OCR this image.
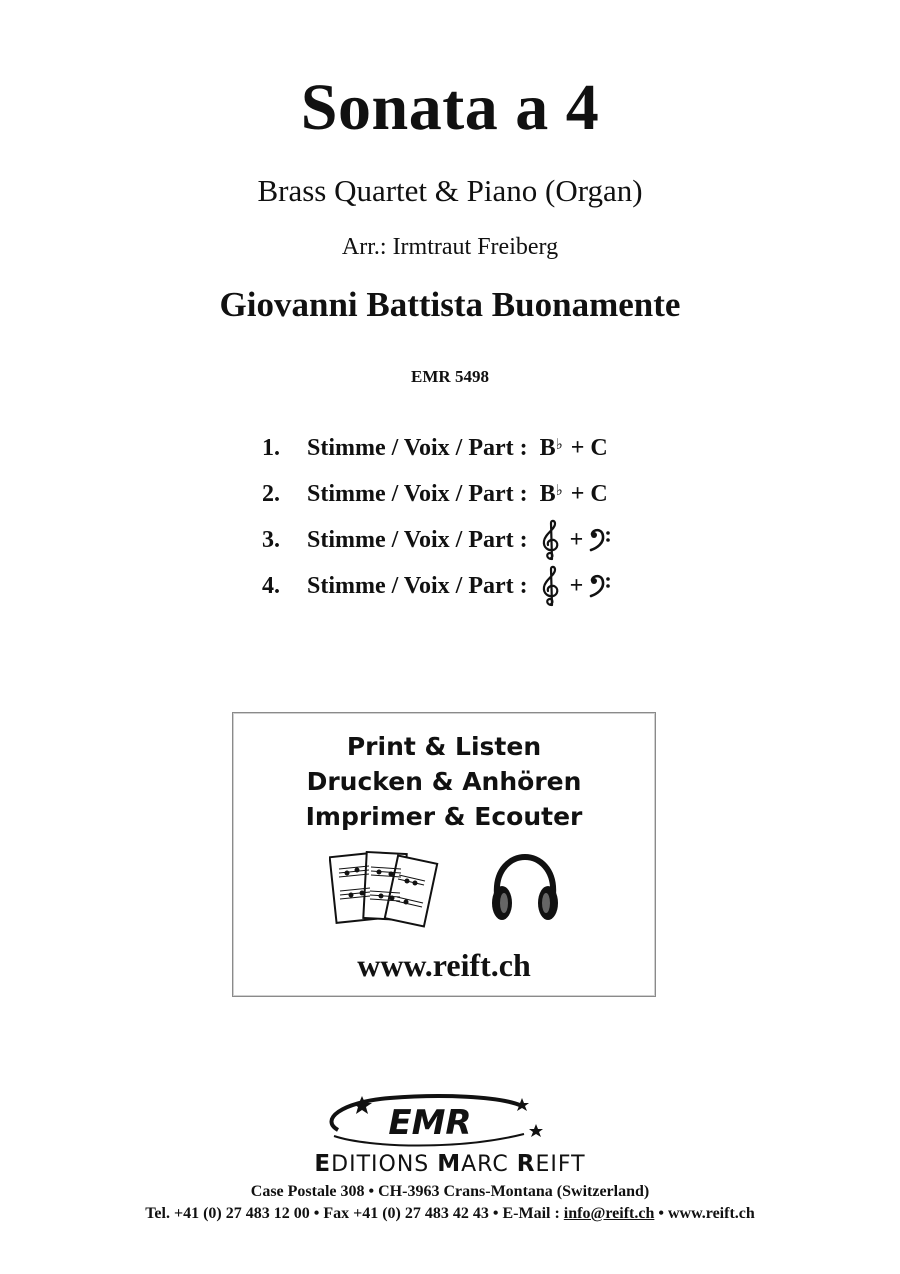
Sonata a 4
Brass Quartet & Piano (Organ)
Arr.: Irmtraut Freiberg
Giovanni Battista Buonamente
EMR 5498
1.	Stimme / Voix / Part : B♭ + C
2.	Stimme / Voix / Part : B♭ + C
3.	Stimme / Voix / Part : +
4.	Stimme / Voix / Part : +
Print & Listen
Drucken & Anhören
Imprimer & Ecouter
www.reift.ch
EMR
EDITIONS MARC REIFT
Case Postale 308 • CH-3963 Crans-Montana (Switzerland)
Tel. +41 (0) 27 483 12 00 • Fax +41 (0) 27 483 42 43 • E-Mail : info@reift.ch • www.reift.ch
